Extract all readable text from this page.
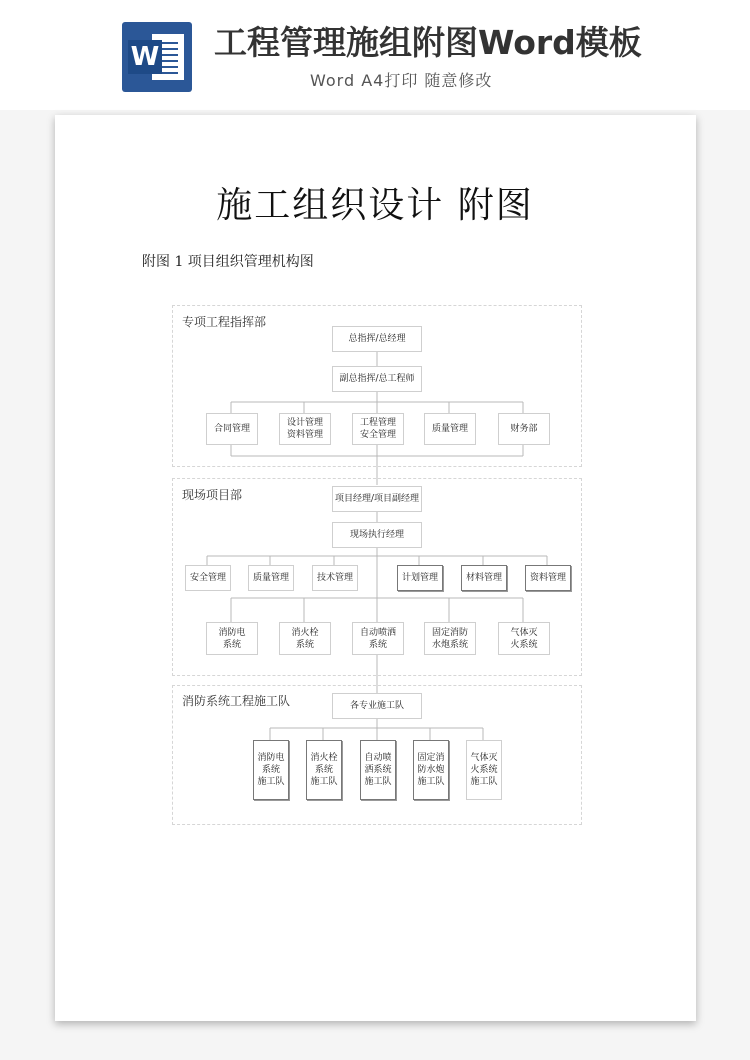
W 工程管理施组附图Word模板
Word A4打印 随意修改
施工组织设计 附图
附图 1 项目组织管理机构图
专项工程指挥部
总指挥/总经理
副总指挥/总工程师
合同管理
设计管理
资料管理
工程管理
安全管理
质量管理	财务部
现场项目部	项目经理/项目副经理
现场执行经理
安全管理	质量管理	技术管理	计划管理	材料管理	资料管理
消防电
系统
消火栓
系统
自动喷洒
系统
固定消防
水炮系统
气体灭
火系统
消防系统工程施工队	各专业施工队
消防电
系统
施工队
消火栓
系统
施工队
自动喷
洒系统
施工队
固定消
防水炮
施工队
气体灭
火系统
施工队
